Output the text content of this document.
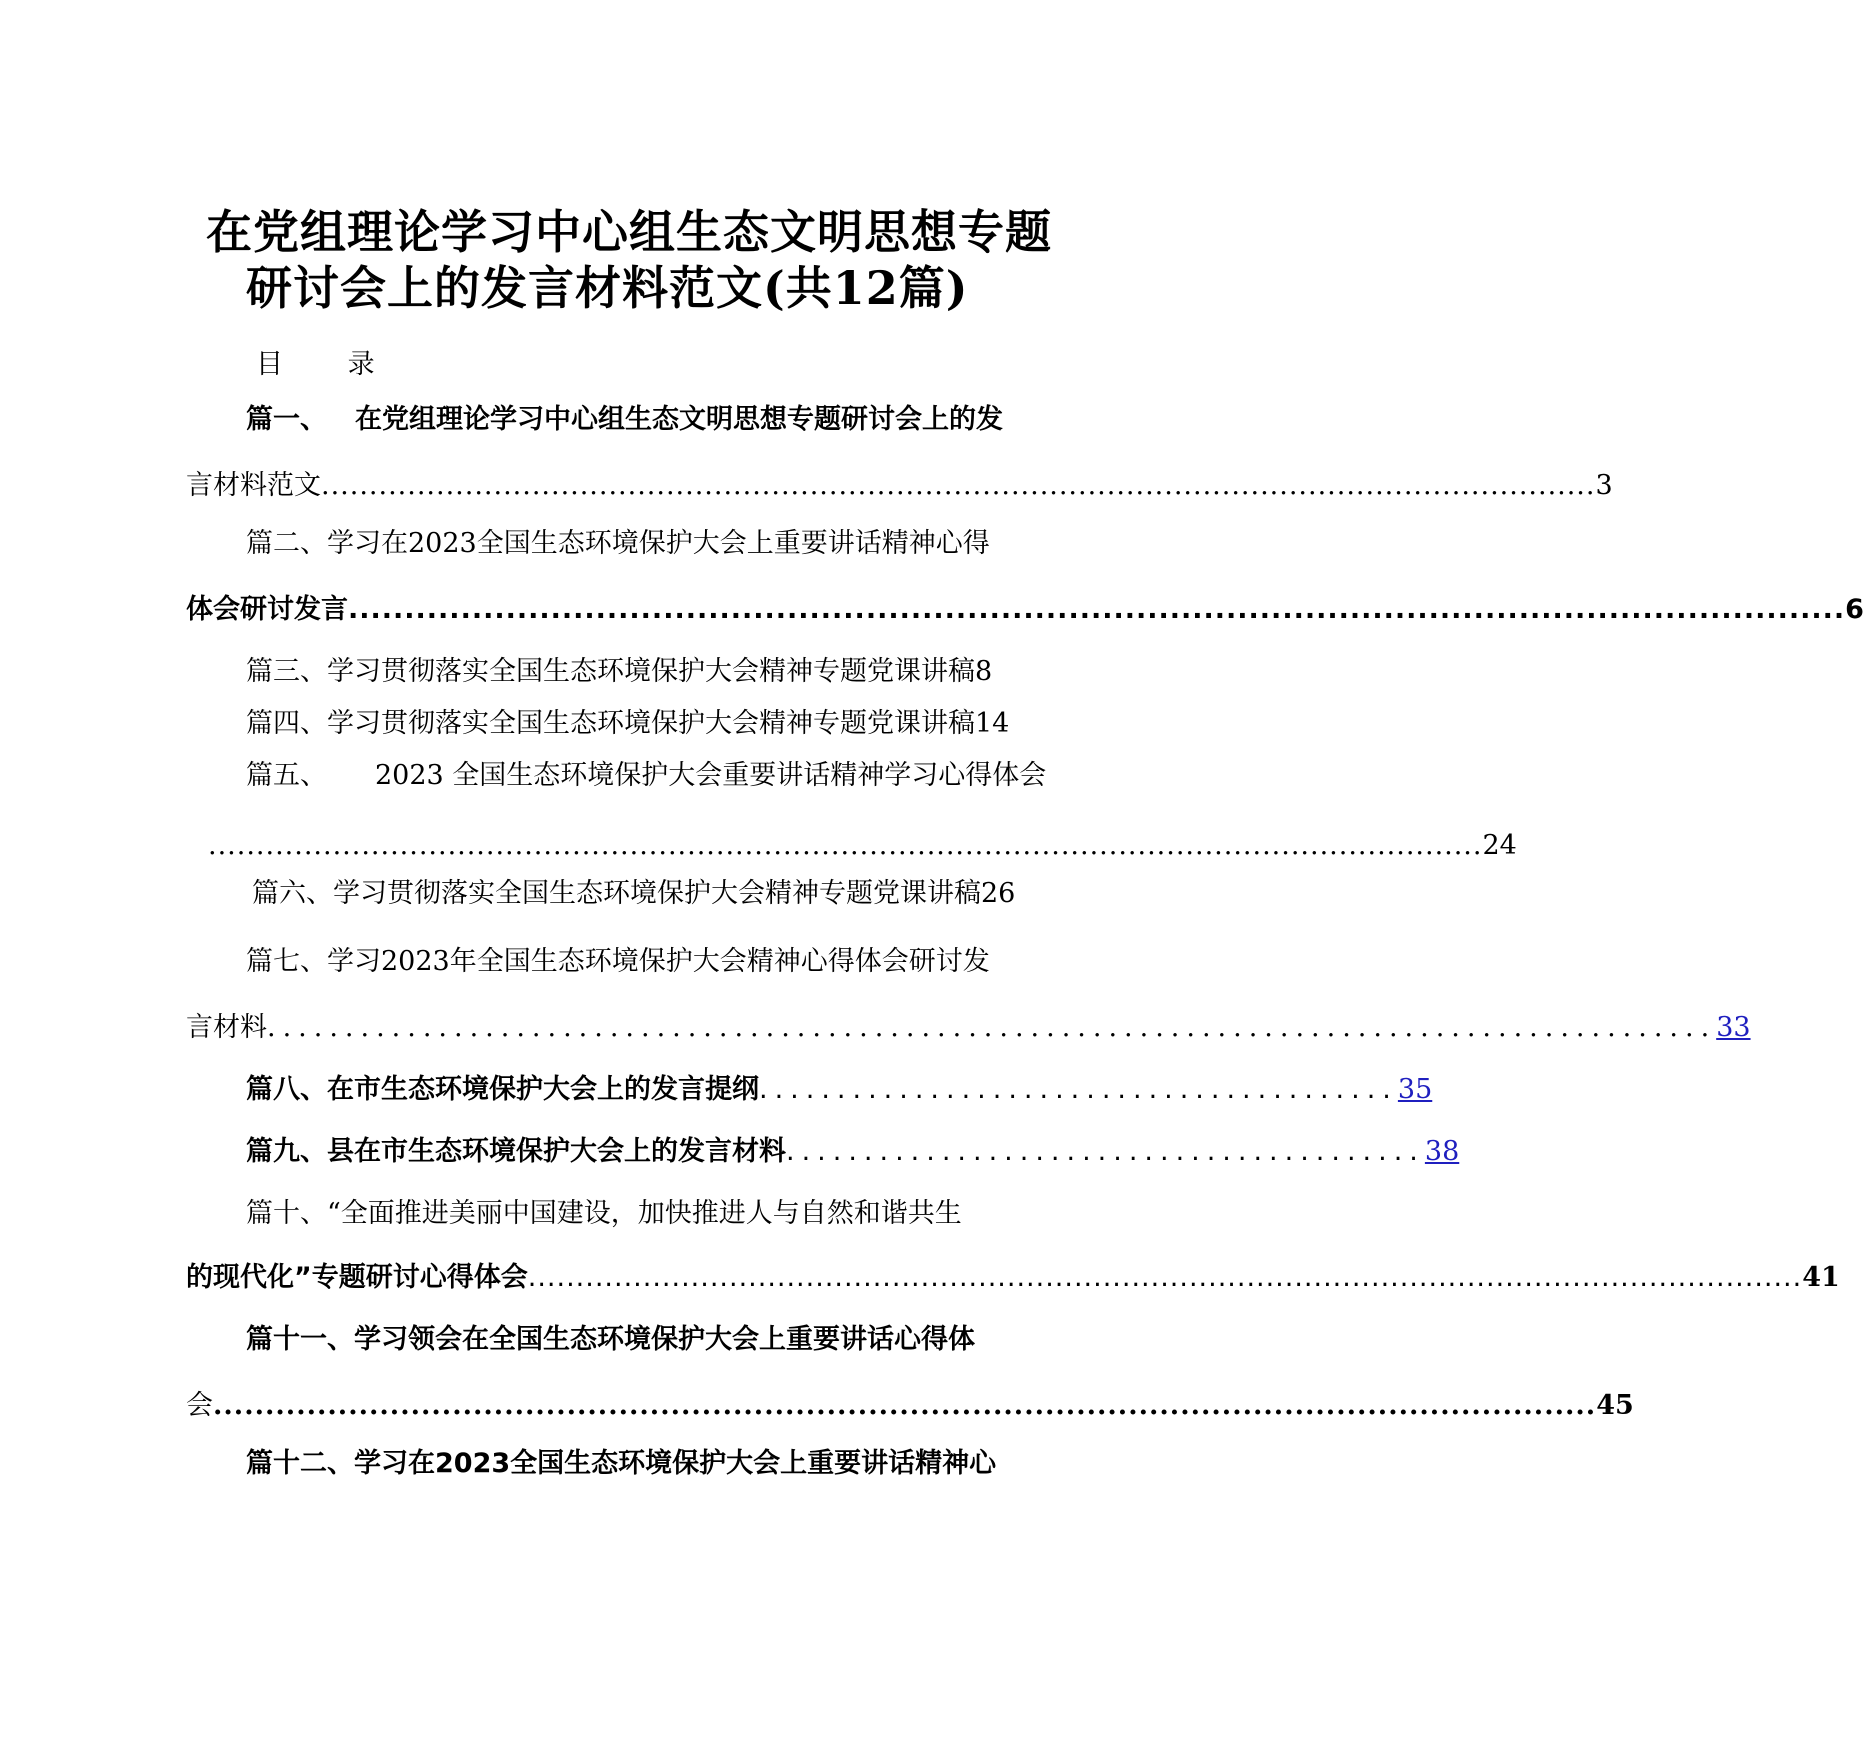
在党组理论学习中心组生态文明思想专题
研讨会上的发言材料范文(共12篇)
目 录
篇一、 在党组理论学习中心组生态文明思想专题研讨会上的发
言材料范文 ..................................................................................................................................... 3
篇二、 学习在2023全国生态环境保护大会上重要讲话精神心得
体会研讨发言 ..................................................................................................................................... 6
篇三、 学习贯彻落实全国生态环境保护大会精神专题党课讲稿 8
篇四、 学习贯彻落实全国生态环境保护大会精神专题党课讲稿 14
篇五、 2023 全国生态环境保护大会重要讲话精神学习心得体会
..................................................................................................................................... 24
篇六、 学习贯彻落实全国生态环境保护大会精神专题党课讲稿 26
篇七、 学习2023年全国生态环境保护大会精神心得体会研讨发
言材料 ............................................................................................. 33
篇八、 在市生态环境保护大会上的发言提纲 ......................................... 35
篇九、 县在市生态环境保护大会上的发言材料 ......................................... 38
篇十、 “全面推进美丽中国建设，加快推进人与自然和谐共生
的现代化”专题研讨心得体会 ..................................................................................................................................... 41
篇十一、 学习领会在全国生态环境保护大会上重要讲话心得体
会 ..................................................................................................................................... 45
篇十二、 学习在2023全国生态环境保护大会上重要讲话精神心
